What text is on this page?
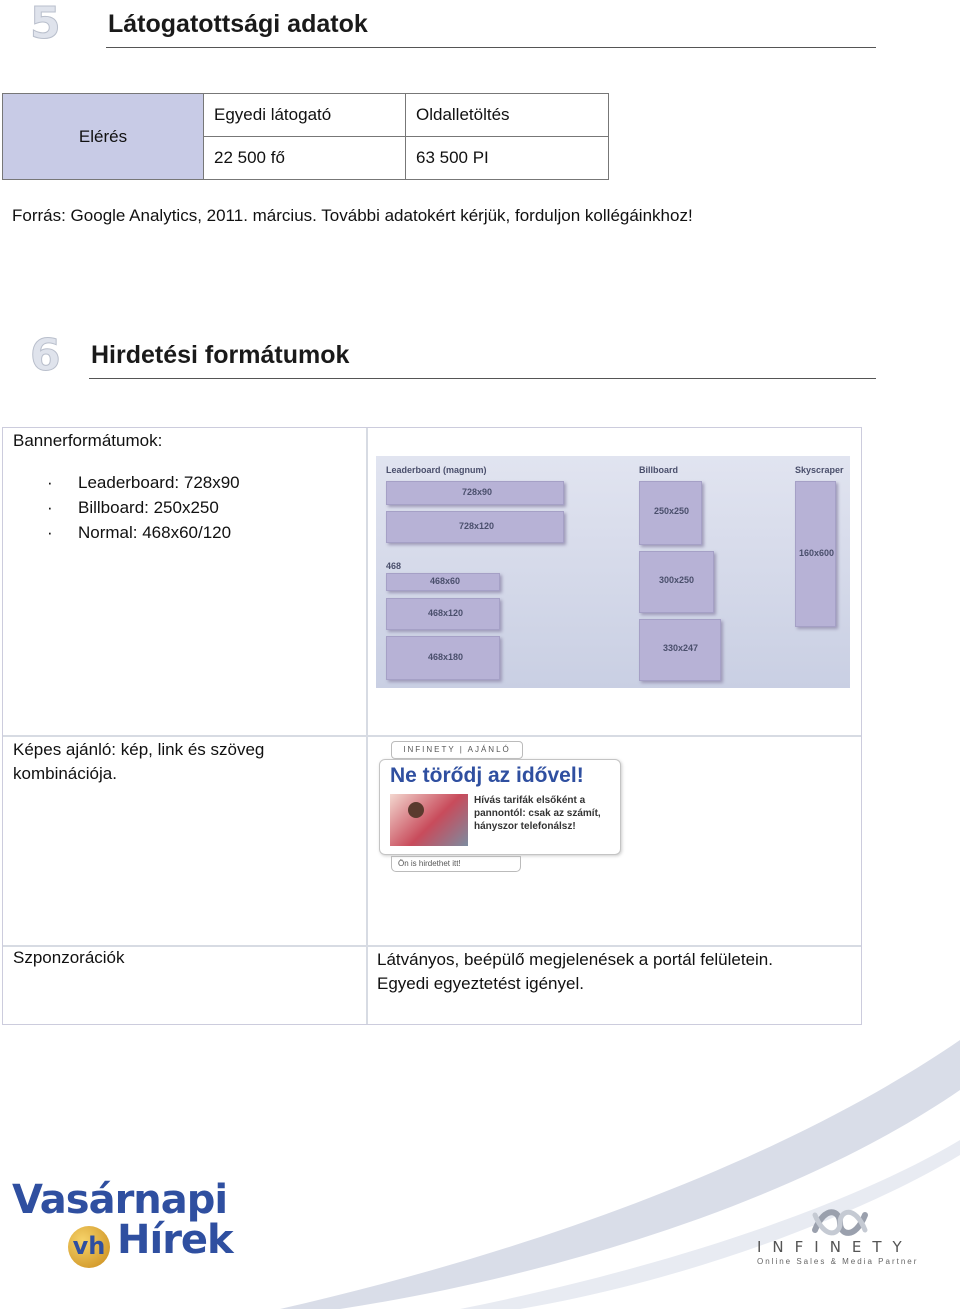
5 Látogatottsági adatok
Elérés	Egyedi látogató	Oldalletöltés
	22 500 fő	63 500 PI
Forrás: Google Analytics, 2011. március. További adatokért kérjük, forduljon kollégáinkhoz!
6 Hirdetési formátumok
Bannerformátumok:
· Leaderboard: 728x90
· Billboard: 250x250
· Normal: 468x60/120
Leaderboard (magnum)	Billboard	Skyscraper
468
728x90
728x120
468x60
468x120
468x180
250x250
300x250
330x247
160x600
Képes ajánló: kép, link és szöveg kombinációja.
INFINETY | AJÁNLÓ
Ne törődj az idővel!
Hívás tarifák elsőként a
pannontól: csak az számít,
hányszor telefonálsz!
Ön is hirdethet itt!
Szponzorációk	Látványos, beépülő megjelenések a portál felületein.
Egyedi egyeztetést igényel.
Vasárnapi
Hírek
vh	INFINETY
Online Sales & Media Partner
